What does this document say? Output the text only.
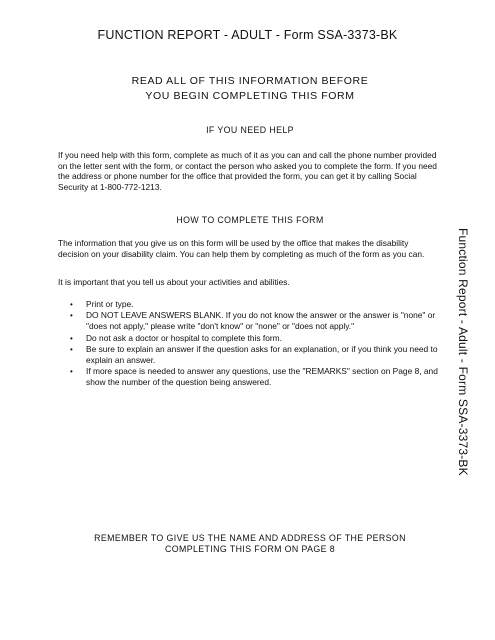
FUNCTION REPORT - ADULT - Form SSA-3373-BK
READ ALL OF THIS INFORMATION BEFORE
YOU BEGIN COMPLETING THIS FORM
IF YOU NEED HELP
If you need help with this form, complete as much of it as you can and call the phone number provided on the letter sent with the form, or contact the person who asked you to complete the form. If you need the address or phone number for the office that provided the form, you can get it by calling Social Security at 1-800-772-1213.
HOW TO COMPLETE THIS FORM
The information that you give us on this form will be used by the office that makes the disability decision on your disability claim. You can help them by completing as much of the form as you can.
It is important that you tell us about your activities and abilities.
• Print or type.
• DO NOT LEAVE ANSWERS BLANK. If you do not know the answer or the answer is "none" or "does not apply," please write "don't know" or "none" or "does not apply."
• Do not ask a doctor or hospital to complete this form.
• Be sure to explain an answer if the question asks for an explanation, or if you think you need to explain an answer.
• If more space is needed to answer any questions, use the "REMARKS" section on Page 8, and show the number of the question being answered.
REMEMBER TO GIVE US THE NAME AND ADDRESS OF THE PERSON
COMPLETING THIS FORM ON PAGE 8
Function Report - Adult - Form SSA-3373-BK
